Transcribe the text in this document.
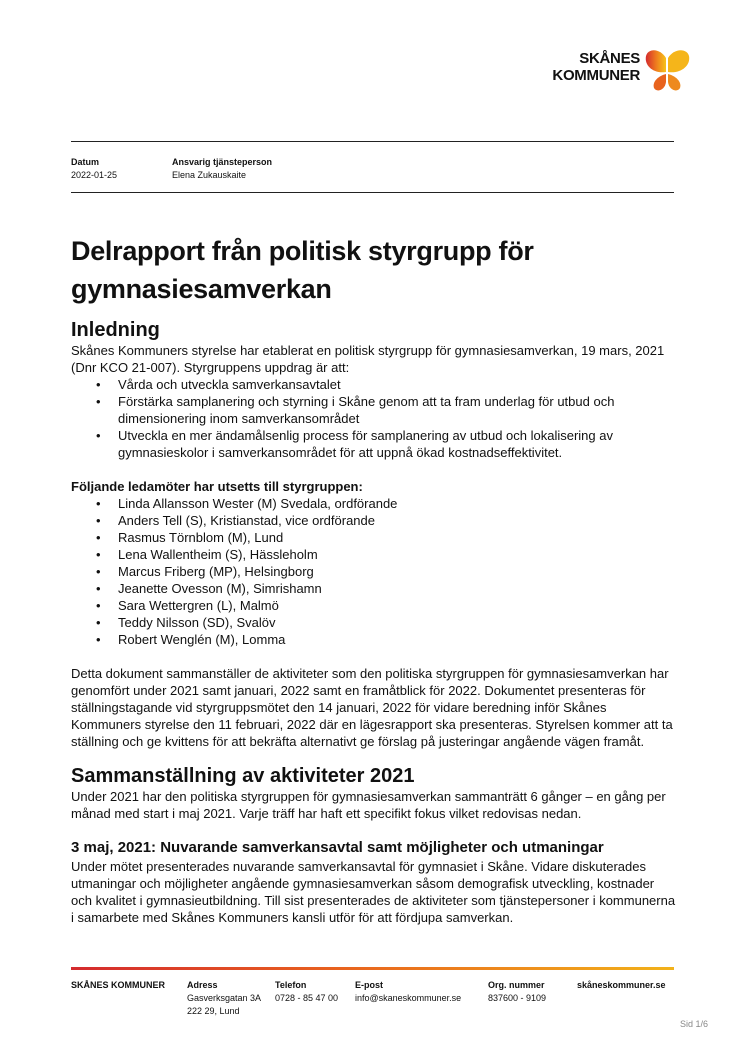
SKÅNES
KOMMUNER
Datum
2022-01-25
Ansvarig tjänsteperson
Elena Zukauskaite
Delrapport från politisk styrgrupp för gymnasiesamverkan
Inledning

Skånes Kommuners styrelse har etablerat en politisk styrgrupp för gymnasiesamverkan, 19 mars, 2021 (Dnr KCO 21-007). Styrgruppens uppdrag är att:

• Vårda och utveckla samverkansavtalet
• Förstärka samplanering och styrning i Skåne genom att ta fram underlag för utbud och dimensionering inom samverkansområdet
• Utveckla en mer ändamålsenlig process för samplanering av utbud och lokalisering av gymnasieskolor i samverkansområdet för att uppnå ökad kostnadseffektivitet.

Följande ledamöter har utsetts till styrgruppen:

• Linda Allansson Wester (M) Svedala, ordförande
• Anders Tell (S), Kristianstad, vice ordförande
• Rasmus Törnblom (M), Lund
• Lena Wallentheim (S), Hässleholm
• Marcus Friberg (MP), Helsingborg
• Jeanette Ovesson (M), Simrishamn
• Sara Wettergren (L), Malmö
• Teddy Nilsson (SD), Svalöv
• Robert Wenglén (M), Lomma

Detta dokument sammanställer de aktiviteter som den politiska styrgruppen för gymnasiesamverkan har genomfört under 2021 samt januari, 2022 samt en framåtblick för 2022. Dokumentet presenteras för ställningstagande vid styrgruppsmötet den 14 januari, 2022 för vidare beredning inför Skånes Kommuners styrelse den 11 februari, 2022 där en lägesrapport ska presenteras. Styrelsen kommer att ta ställning och ge kvittens för att bekräfta alternativt ge förslag på justeringar angående vägen framåt.

Sammanställning av aktiviteter 2021

Under 2021 har den politiska styrgruppen för gymnasiesamverkan sammanträtt 6 gånger – en gång per månad med start i maj 2021. Varje träff har haft ett specifikt fokus vilket redovisas nedan.

3 maj, 2021: Nuvarande samverkansavtal samt möjligheter och utmaningar

Under mötet presenterades nuvarande samverkansavtal för gymnasiet i Skåne. Vidare diskuterades utmaningar och möjligheter angående gymnasiesamverkan såsom demografisk utveckling, kostnader och kvalitet i gymnasieutbildning. Till sist presenterades de aktiviteter som tjänstepersoner i kommunerna i samarbete med Skånes Kommuners kansli utför för att fördjupa samverkan.

SKÅNES KOMMUNER Adress
Gasverksgatan 3A
222 29, Lund
Telefon
0728 - 85 47 00
E-post
info@skaneskommuner.se
Org. nummer
837600 - 9109
skåneskommuner.se
Sid 1/6
